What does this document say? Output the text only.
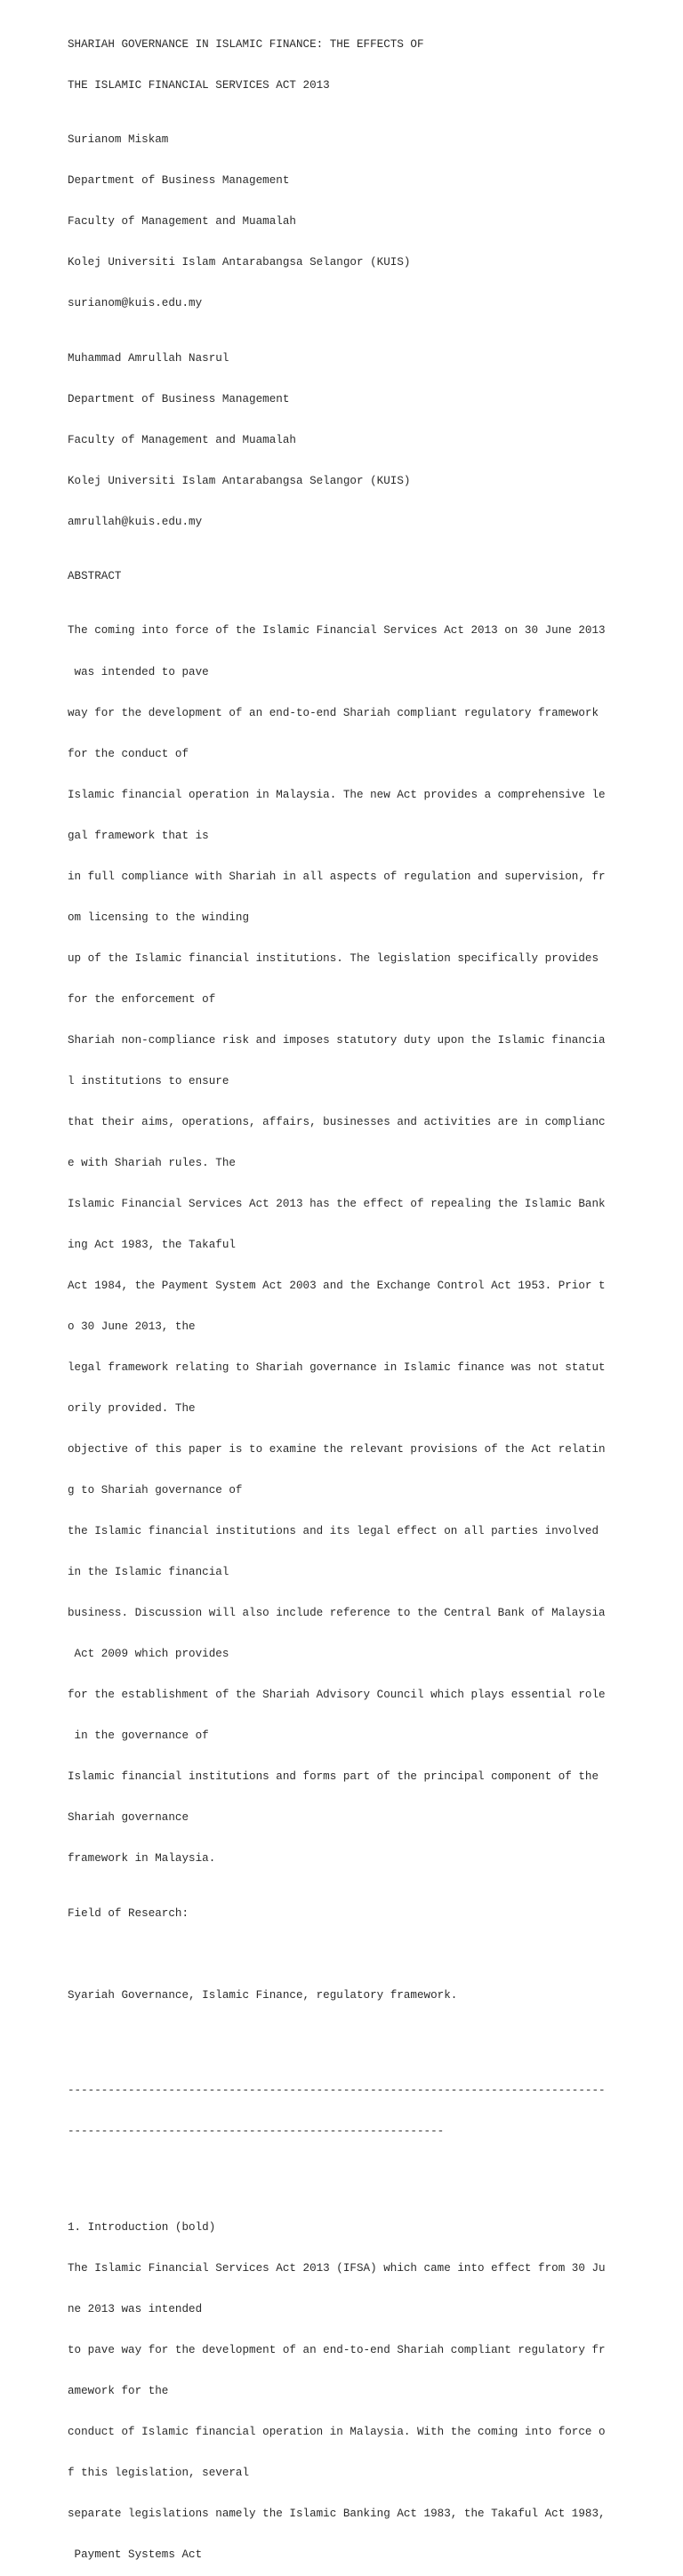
SHARIAH GOVERNANCE IN ISLAMIC FINANCE: THE EFFECTS OF

THE ISLAMIC FINANCIAL SERVICES ACT 2013

Surianom Miskam

Department of Business Management

Faculty of Management and Muamalah

Kolej Universiti Islam Antarabangsa Selangor (KUIS)

surianom@kuis.edu.my

Muhammad Amrullah Nasrul

Department of Business Management

Faculty of Management and Muamalah

Kolej Universiti Islam Antarabangsa Selangor (KUIS)

amrullah@kuis.edu.my

ABSTRACT

The coming into force of the Islamic Financial Services Act 2013 on 30 June 2013

was intended to pave

way for the development of an end-to-end Shariah compliant regulatory framework

for the conduct of

Islamic financial operation in Malaysia. The new Act provides a comprehensive le

gal framework that is

in full compliance with Shariah in all aspects of regulation and supervision, fr

om licensing to the winding

up of the Islamic financial institutions. The legislation specifically provides

for the enforcement of

Shariah non-compliance risk and imposes statutory duty upon the Islamic financia

l institutions to ensure

that their aims, operations, affairs, businesses and activities are in complianc

e with Shariah rules. The

Islamic Financial Services Act 2013 has the effect of repealing the Islamic Bank

ing Act 1983, the Takaful

Act 1984, the Payment System Act 2003 and the Exchange Control Act 1953. Prior t

o 30 June 2013, the

legal framework relating to Shariah governance in Islamic finance was not statut

orily provided. The

objective of this paper is to examine the relevant provisions of the Act relatin

g to Shariah governance of

the Islamic financial institutions and its legal effect on all parties involved

in the Islamic financial

business. Discussion will also include reference to the Central Bank of Malaysia

Act 2009 which provides

for the establishment of the Shariah Advisory Council which plays essential role

in the governance of

Islamic financial institutions and forms part of the principal component of the

Shariah governance

framework in Malaysia.

Field of Research:

Syariah Governance, Islamic Finance, regulatory framework.

--------------------------------------------------------------------------------

--------------------------------------------------------

1. Introduction (bold)

The Islamic Financial Services Act 2013 (IFSA) which came into effect from 30 Ju

ne 2013 was intended

to pave way for the development of an end-to-end Shariah compliant regulatory fr

amework for the

conduct of Islamic financial operation in Malaysia. With the coming into force o

f this legislation, several

separate legislations namely the Islamic Banking Act 1983, the Takaful Act 1983,

Payment Systems Act
